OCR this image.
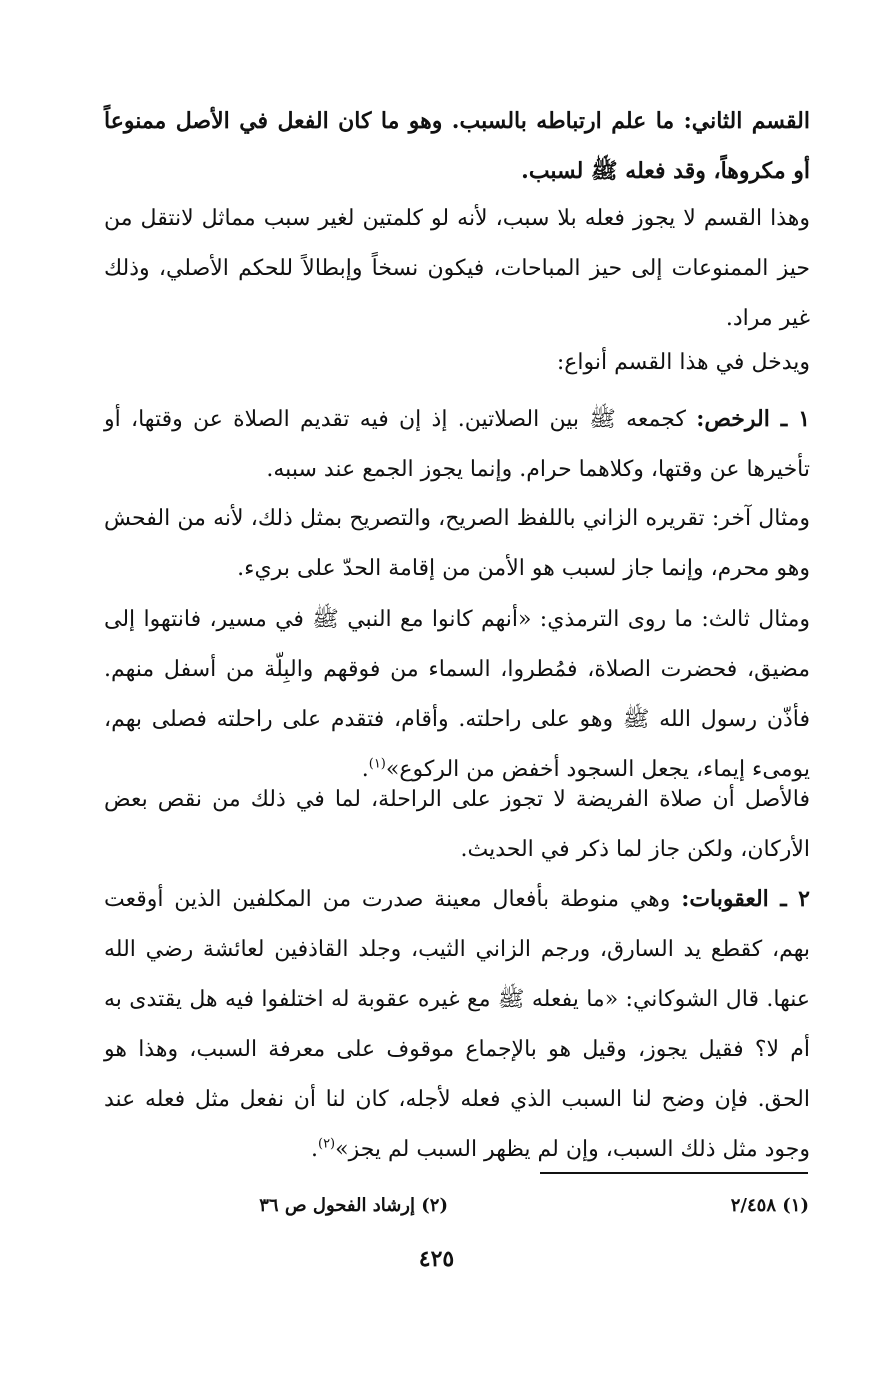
القسم الثاني: ما علم ارتباطه بالسبب. وهو ما كان الفعل في الأصل ممنوعاً أو مكروهاً، وقد فعله ﷺ لسبب.

وهذا القسم لا يجوز فعله بلا سبب، لأنه لو كلمتين لغير سبب مماثل لانتقل من حيز الممنوعات إلى حيز المباحات، فيكون نسخاً وإبطالاً للحكم الأصلي، وذلك غير مراد.

ويدخل في هذا القسم أنواع:

١ ـ الرخص: كجمعه ﷺ بين الصلاتين. إذ إن فيه تقديم الصلاة عن وقتها، أو تأخيرها عن وقتها، وكلاهما حرام. وإنما يجوز الجمع عند سببه.

ومثال آخر: تقريره الزاني باللفظ الصريح، والتصريح بمثل ذلك، لأنه من الفحش وهو محرم، وإنما جاز لسبب هو الأمن من إقامة الحدّ على بريء.

ومثال ثالث: ما روى الترمذي: «أنهم كانوا مع النبي ﷺ في مسير، فانتهوا إلى مضيق، فحضرت الصلاة، فمُطروا، السماء من فوقهم والبِلّة من أسفل منهم. فأذّن رسول الله ﷺ وهو على راحلته. وأقام، فتقدم على راحلته فصلى بهم، يومىء إيماء، يجعل السجود أخفض من الركوع»$^{(١)}$.

فالأصل أن صلاة الفريضة لا تجوز على الراحلة، لما في ذلك من نقص بعض الأركان، ولكن جاز لما ذكر في الحديث.

٢ ـ العقوبات: وهي منوطة بأفعال معينة صدرت من المكلفين الذين أوقعت بهم، كقطع يد السارق، ورجم الزاني الثيب، وجلد القاذفين لعائشة رضي الله عنها. قال الشوكاني: «ما يفعله ﷺ مع غيره عقوبة له اختلفوا فيه هل يقتدى به أم لا؟ فقيل يجوز، وقيل هو بالإجماع موقوف على معرفة السبب، وهذا هو الحق. فإن وضح لنا السبب الذي فعله لأجله، كان لنا أن نفعل مثل فعله عند وجود مثل ذلك السبب، وإن لم يظهر السبب لم يجز»$^{(٢)}$.

(١) ٢/٤٥٨
(٢) إرشاد الفحول ص ٣٦
٤٢٥
